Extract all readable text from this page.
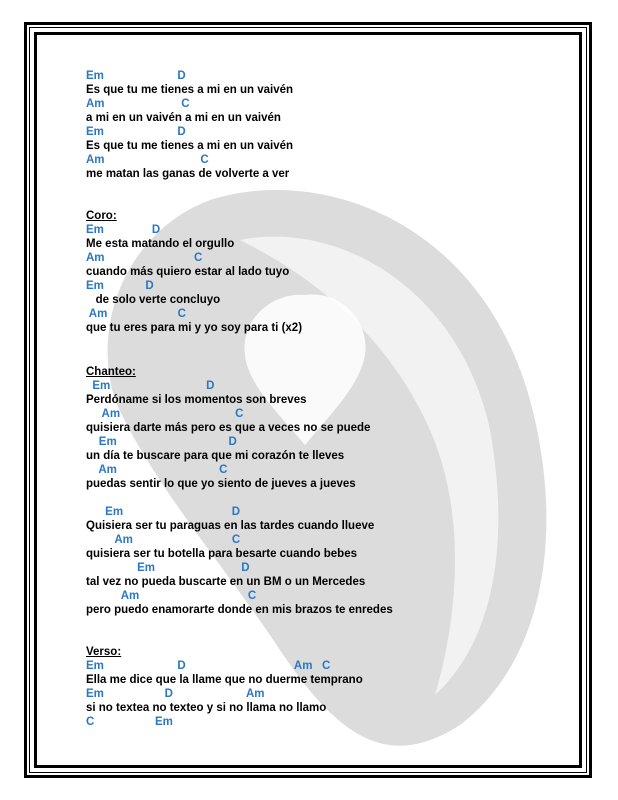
Em                       D
Es que tu me tienes a mi en un vaivén
Am                        C
a mi en un vaivén a mi en un vaivén
Em                       D
Es que tu me tienes a mi en un vaivén
Am                              C
me matan las ganas de volverte a ver
Coro:
Em               D
Me esta matando el orgullo
Am                            C
cuando más quiero estar al lado tuyo
Em             D
de solo verte concluyo
Am                      C
que tu eres para mi y yo soy para ti (x2)
Chanteo:
Em                              D
Perdóname si los momentos son breves
Am                                    C
quisiera darte más pero es que a veces no se puede
Em                                   D
un día te buscare para que mi corazón te lleves
Am                                C
puedas sentir lo que yo siento de jueves a jueves
Em                                  D
Quisiera ser tu paraguas en las tardes cuando llueve
Am                               C
quisiera ser tu botella para besarte cuando bebes
Em                           D
tal vez no pueda buscarte en un BM o un Mercedes
Am                                  C
pero puedo enamorarte donde en mis brazos te enredes
Verso:
Em                       D                                  Am   C
Ella me dice que la llame que no duerme temprano
Em                   D                       Am
si no textea no texteo y si no llama no llamo
C                   Em
